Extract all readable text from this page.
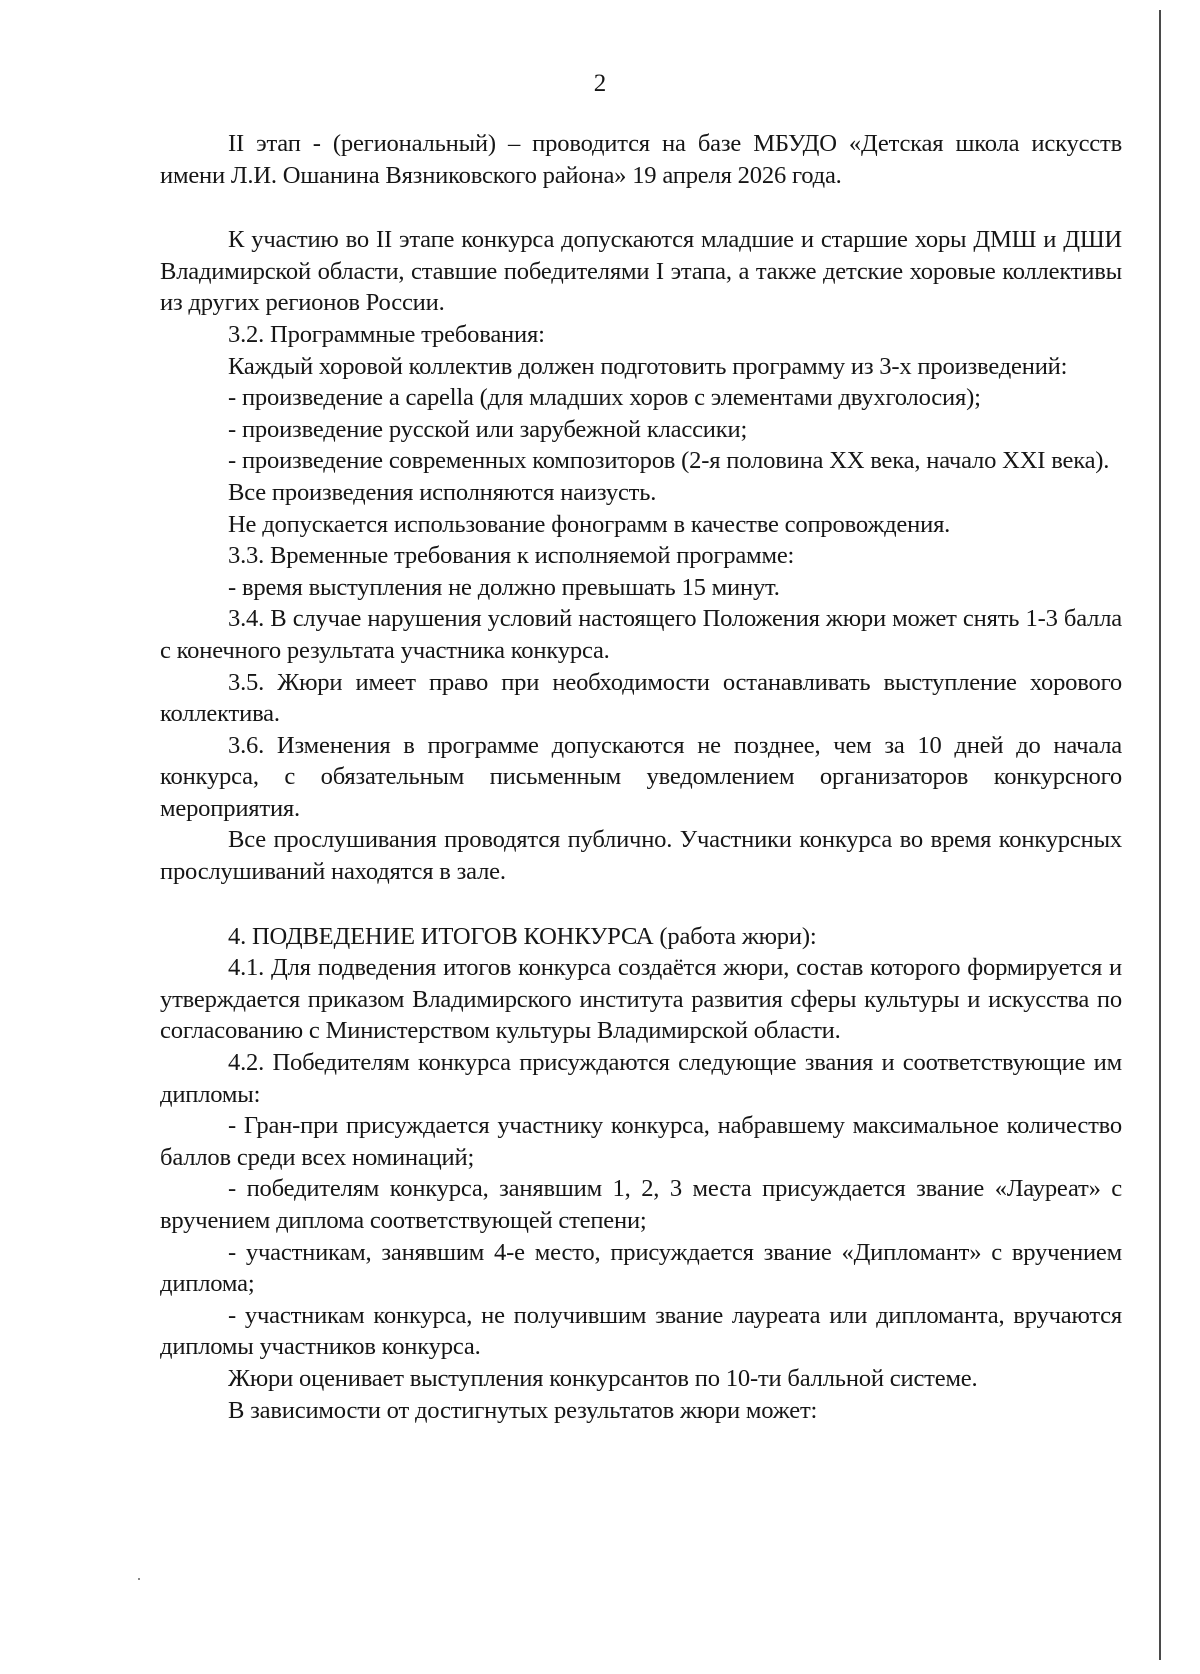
2

II этап - (региональный) – проводится на базе МБУДО «Детская школа искусств имени Л.И. Ошанина Вязниковского района» 19 апреля 2026 года.

К участию во II этапе конкурса допускаются младшие и старшие хоры ДМШ и ДШИ Владимирской области, ставшие победителями I этапа, а также детские хоровые коллективы из других регионов России.

3.2. Программные требования:

Каждый хоровой коллектив должен подготовить программу из 3-х произведений:

- произведение a capella (для младших хоров с элементами двухголосия);

- произведение русской или зарубежной классики;

- произведение современных композиторов (2-я половина XX века, начало XXI века).

Все произведения исполняются наизусть.

Не допускается использование фонограмм в качестве сопровождения.

3.3. Временные требования к исполняемой программе:

- время выступления не должно превышать 15 минут.

3.4. В случае нарушения условий настоящего Положения жюри может снять 1-3 балла с конечного результата участника конкурса.

3.5. Жюри имеет право при необходимости останавливать выступление хорового коллектива.

3.6. Изменения в программе допускаются не позднее, чем за 10 дней до начала конкурса, с обязательным письменным уведомлением организаторов конкурсного мероприятия.

Все прослушивания проводятся публично. Участники конкурса во время конкурсных прослушиваний находятся в зале.

4. ПОДВЕДЕНИЕ ИТОГОВ КОНКУРСА (работа жюри):

4.1. Для подведения итогов конкурса создаётся жюри, состав которого формируется и утверждается приказом Владимирского института развития сферы культуры и искусства по согласованию с Министерством культуры Владимирской области.

4.2. Победителям конкурса присуждаются следующие звания и соответствующие им дипломы:

- Гран-при присуждается участнику конкурса, набравшему максимальное количество баллов среди всех номинаций;

- победителям конкурса, занявшим 1, 2, 3 места присуждается звание «Лауреат» с вручением диплома соответствующей степени;

- участникам, занявшим 4-е место, присуждается звание «Дипломант» с вручением диплома;

- участникам конкурса, не получившим звание лауреата или дипломанта, вручаются дипломы участников конкурса.

Жюри оценивает выступления конкурсантов по 10-ти балльной системе.

В зависимости от достигнутых результатов жюри может:
